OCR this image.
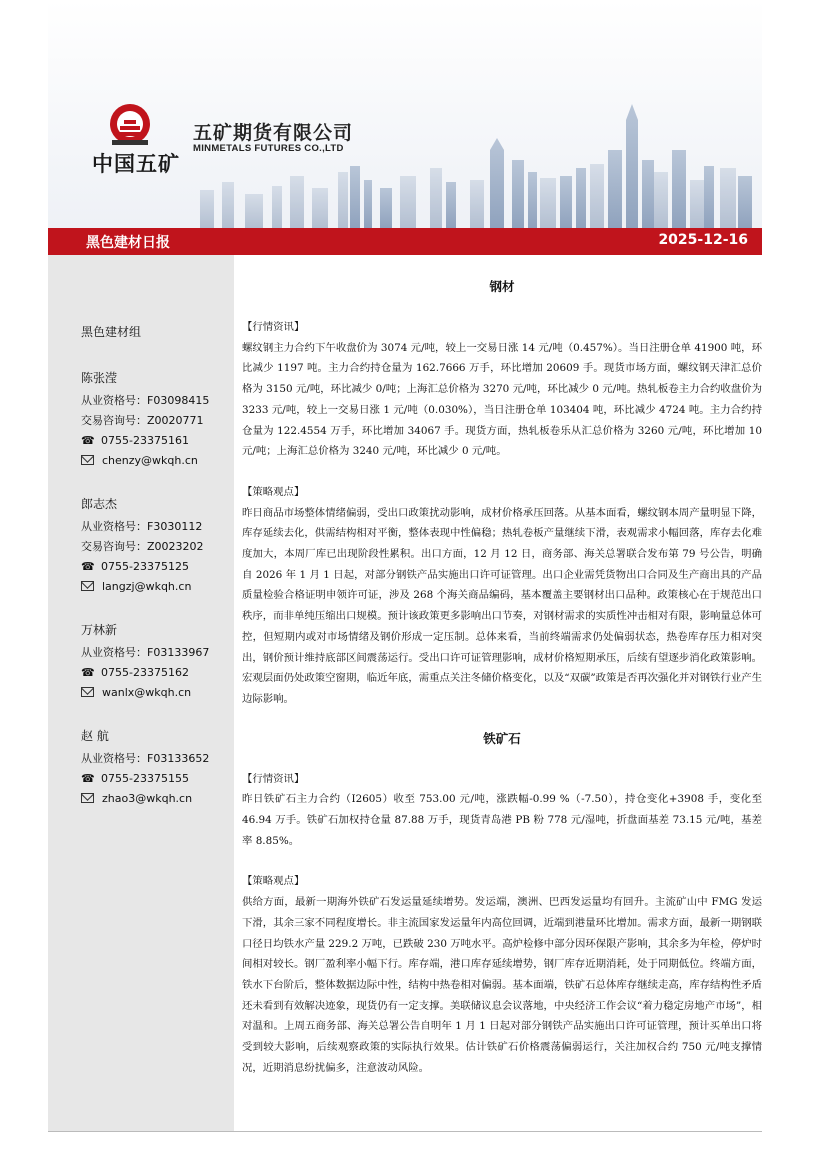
中国五矿
五矿期货有限公司
MINMETALS FUTURES CO.,LTD
黑色建材日报	2025-12-16
黑色建材组
陈张滢
从业资格号：F03098415
交易咨询号：Z0020771
☎ 0755-23375161
chenzy@wkqh.cn
郎志杰
从业资格号：F3030112
交易咨询号：Z0023202
☎ 0755-23375125
langzj@wkqh.cn
万林新
从业资格号：F03133967
☎ 0755-23375162
wanlx@wkqh.cn
赵 航
从业资格号：F03133652
☎ 0755-23375155
zhao3@wkqh.cn
钢材
【行情资讯】
螺纹钢主力合约下午收盘价为 3074 元/吨，较上一交易日涨 14 元/吨（0.457%）。当日注册仓单 41900 吨，环比减少 1197 吨。主力合约持仓量为 162.7666 万手，环比增加 20609 手。现货市场方面，螺纹钢天津汇总价格为 3150 元/吨，环比减少 0/吨；上海汇总价格为 3270 元/吨，环比减少 0 元/吨。热轧板卷主力合约收盘价为 3233 元/吨，较上一交易日涨 1 元/吨（0.030%），当日注册仓单 103404 吨，环比减少 4724 吨。主力合约持仓量为 122.4554 万手，环比增加 34067 手。现货方面，热轧板卷乐从汇总价格为 3260 元/吨，环比增加 10 元/吨；上海汇总价格为 3240 元/吨，环比减少 0 元/吨。
【策略观点】
昨日商品市场整体情绪偏弱，受出口政策扰动影响，成材价格承压回落。从基本面看，螺纹钢本周产量明显下降，库存延续去化，供需结构相对平衡，整体表现中性偏稳；热轧卷板产量继续下滑，表观需求小幅回落，库存去化难度加大，本周厂库已出现阶段性累积。出口方面，12 月 12 日，商务部、海关总署联合发布第 79 号公告，明确自 2026 年 1 月 1 日起，对部分钢铁产品实施出口许可证管理。出口企业需凭货物出口合同及生产商出具的产品质量检验合格证明申领许可证，涉及 268 个海关商品编码，基本覆盖主要钢材出口品种。政策核心在于规范出口秩序，而非单纯压缩出口规模。预计该政策更多影响出口节奏，对钢材需求的实质性冲击相对有限，影响量总体可控，但短期内或对市场情绪及钢价形成一定压制。总体来看，当前终端需求仍处偏弱状态，热卷库存压力相对突出，钢价预计维持底部区间震荡运行。受出口许可证管理影响，成材价格短期承压，后续有望逐步消化政策影响。宏观层面仍处政策空窗期，临近年底，需重点关注冬储价格变化，以及“双碳”政策是否再次强化并对钢铁行业产生边际影响。
铁矿石
【行情资讯】
昨日铁矿石主力合约（I2605）收至 753.00 元/吨，涨跌幅-0.99 %（-7.50），持仓变化+3908 手，变化至 46.94 万手。铁矿石加权持仓量 87.88 万手，现货青岛港 PB 粉 778 元/湿吨，折盘面基差 73.15 元/吨，基差率 8.85%。
【策略观点】
供给方面，最新一期海外铁矿石发运量延续增势。发运端，澳洲、巴西发运量均有回升。主流矿山中 FMG 发运下滑，其余三家不同程度增长。非主流国家发运量年内高位回调，近端到港量环比增加。需求方面，最新一期钢联口径日均铁水产量 229.2 万吨，已跌破 230 万吨水平。高炉检修中部分因环保限产影响，其余多为年检，停炉时间相对较长。钢厂盈利率小幅下行。库存端，港口库存延续增势，钢厂库存近期消耗，处于同期低位。终端方面，铁水下台阶后，整体数据边际中性，结构中热卷相对偏弱。基本面端，铁矿石总体库存继续走高，库存结构性矛盾还未看到有效解决迹象，现货仍有一定支撑。美联储议息会议落地，中央经济工作会议“着力稳定房地产市场”，相对温和。上周五商务部、海关总署公告自明年 1 月 1 日起对部分钢铁产品实施出口许可证管理，预计买单出口将受到较大影响，后续观察政策的实际执行效果。估计铁矿石价格震荡偏弱运行，关注加权合约 750 元/吨支撑情况，近期消息纷扰偏多，注意波动风险。
